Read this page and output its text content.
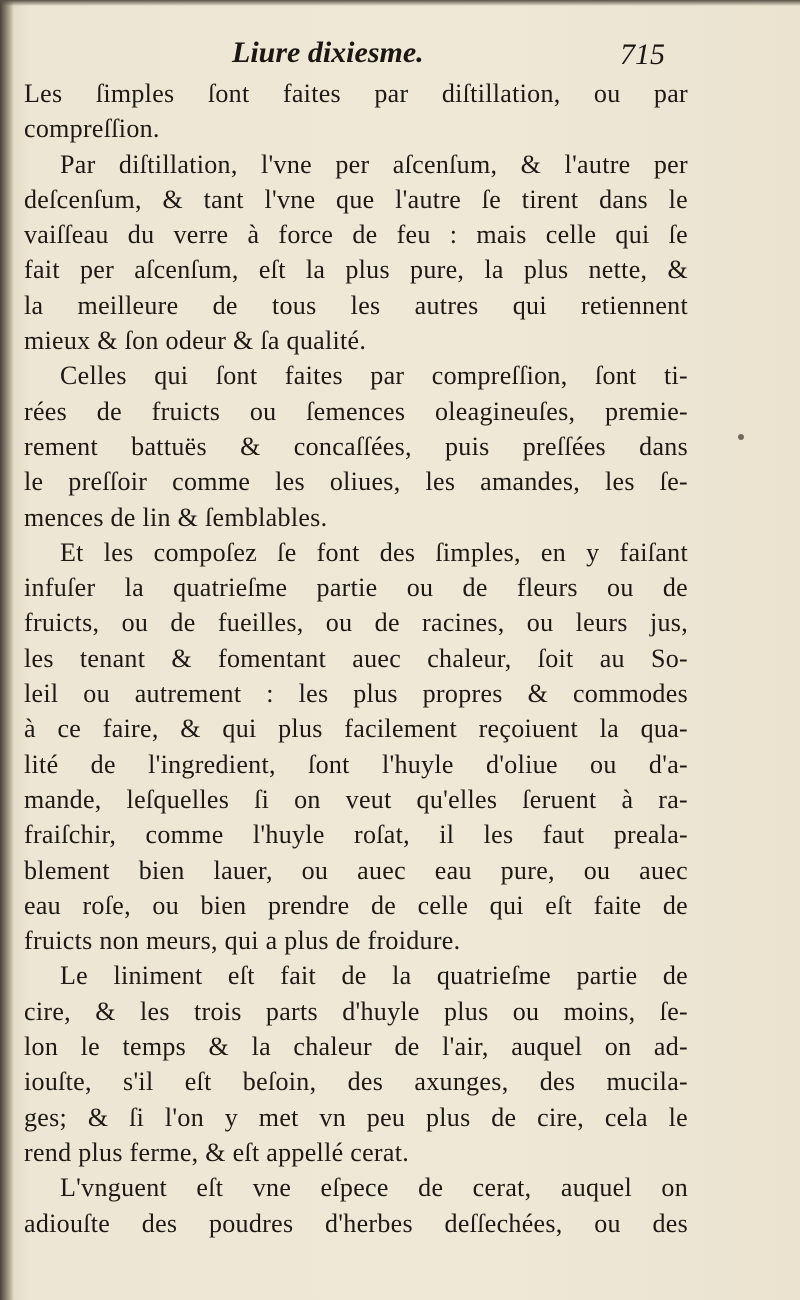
Liure dixiesme.	715
Les ſimples ſont faites par diſtillation, ou par
compreſſion.
Par diſtillation, l'vne per aſcenſum, & l'autre per
deſcenſum, & tant l'vne que l'autre ſe tirent dans le
vaiſſeau du verre à force de feu : mais celle qui ſe
fait per aſcenſum, eſt la plus pure, la plus nette, &
la meilleure de tous les autres qui retiennent
mieux & ſon odeur & ſa qualité.
Celles qui ſont faites par compreſſion, ſont ti-
rées de fruicts ou ſemences oleagineuſes, premie-
rement battuës & concaſſées, puis preſſées dans
le preſſoir comme les oliues, les amandes, les ſe-
mences de lin & ſemblables.
Et les compoſez ſe font des ſimples, en y faiſant
infuſer la quatrieſme partie ou de fleurs ou de
fruicts, ou de fueilles, ou de racines, ou leurs jus,
les tenant & fomentant auec chaleur, ſoit au So-
leil ou autrement : les plus propres & commodes
à ce faire, & qui plus facilement reçoiuent la qua-
lité de l'ingredient, ſont l'huyle d'oliue ou d'a-
mande, leſquelles ſi on veut qu'elles ſeruent à ra-
fraiſchir, comme l'huyle roſat, il les faut preala-
blement bien lauer, ou auec eau pure, ou auec
eau roſe, ou bien prendre de celle qui eſt faite de
fruicts non meurs, qui a plus de froidure.
Le liniment eſt fait de la quatrieſme partie de
cire, & les trois parts d'huyle plus ou moins, ſe-
lon le temps & la chaleur de l'air, auquel on ad-
iouſte, s'il eſt beſoin, des axunges, des mucila-
ges; & ſi l'on y met vn peu plus de cire, cela le
rend plus ferme, & eſt appellé cerat.
L'vnguent eſt vne eſpece de cerat, auquel on
adiouſte des poudres d'herbes deſſechées, ou des
